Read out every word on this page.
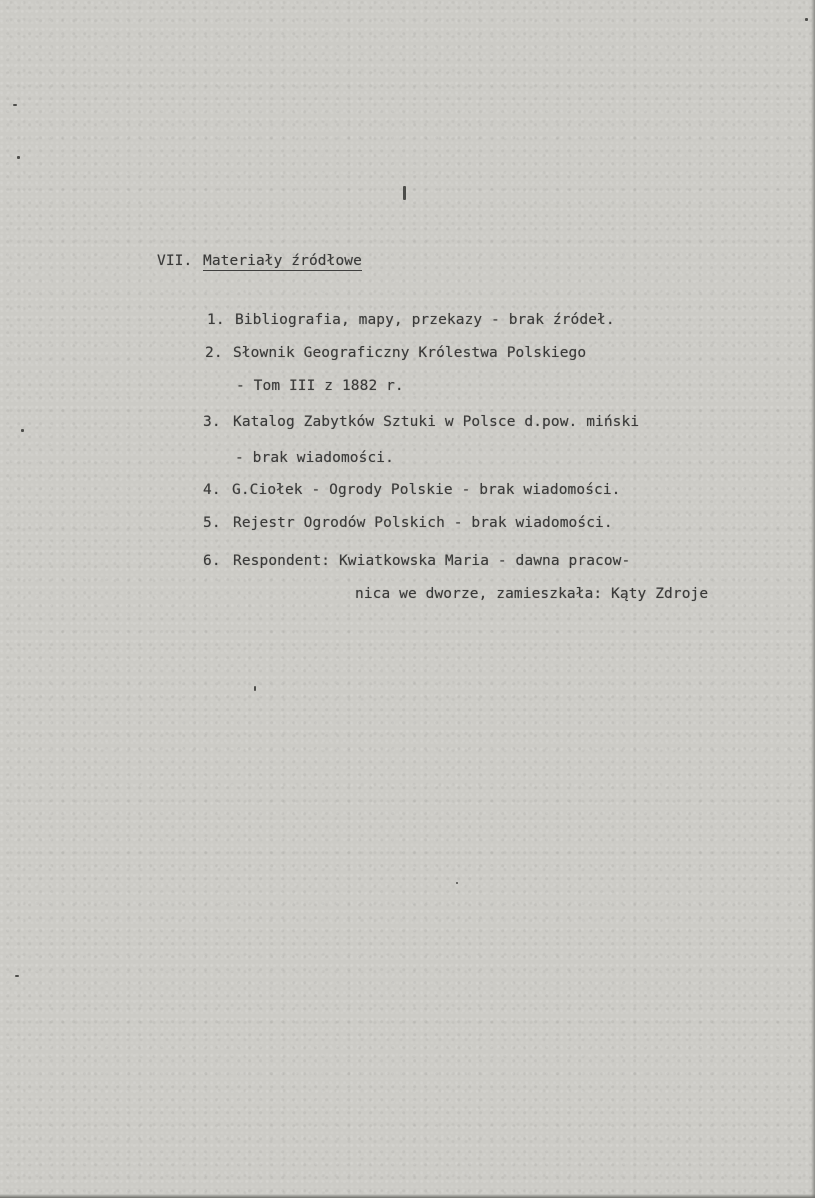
VII. Materiały źródłowe
1. Bibliografia, mapy, przekazy - brak źródeł.
2. Słownik Geograficzny Królestwa Polskiego
- Tom III z 1882 r.
3. Katalog Zabytków Sztuki w Polsce d.pow. miński
- brak wiadomości.
4. G.Ciołek - Ogrody Polskie - brak wiadomości.
5. Rejestr Ogrodów Polskich - brak wiadomości.
6. Respondent: Kwiatkowska Maria - dawna pracow-
nica we dworze, zamieszkała: Kąty Zdroje
